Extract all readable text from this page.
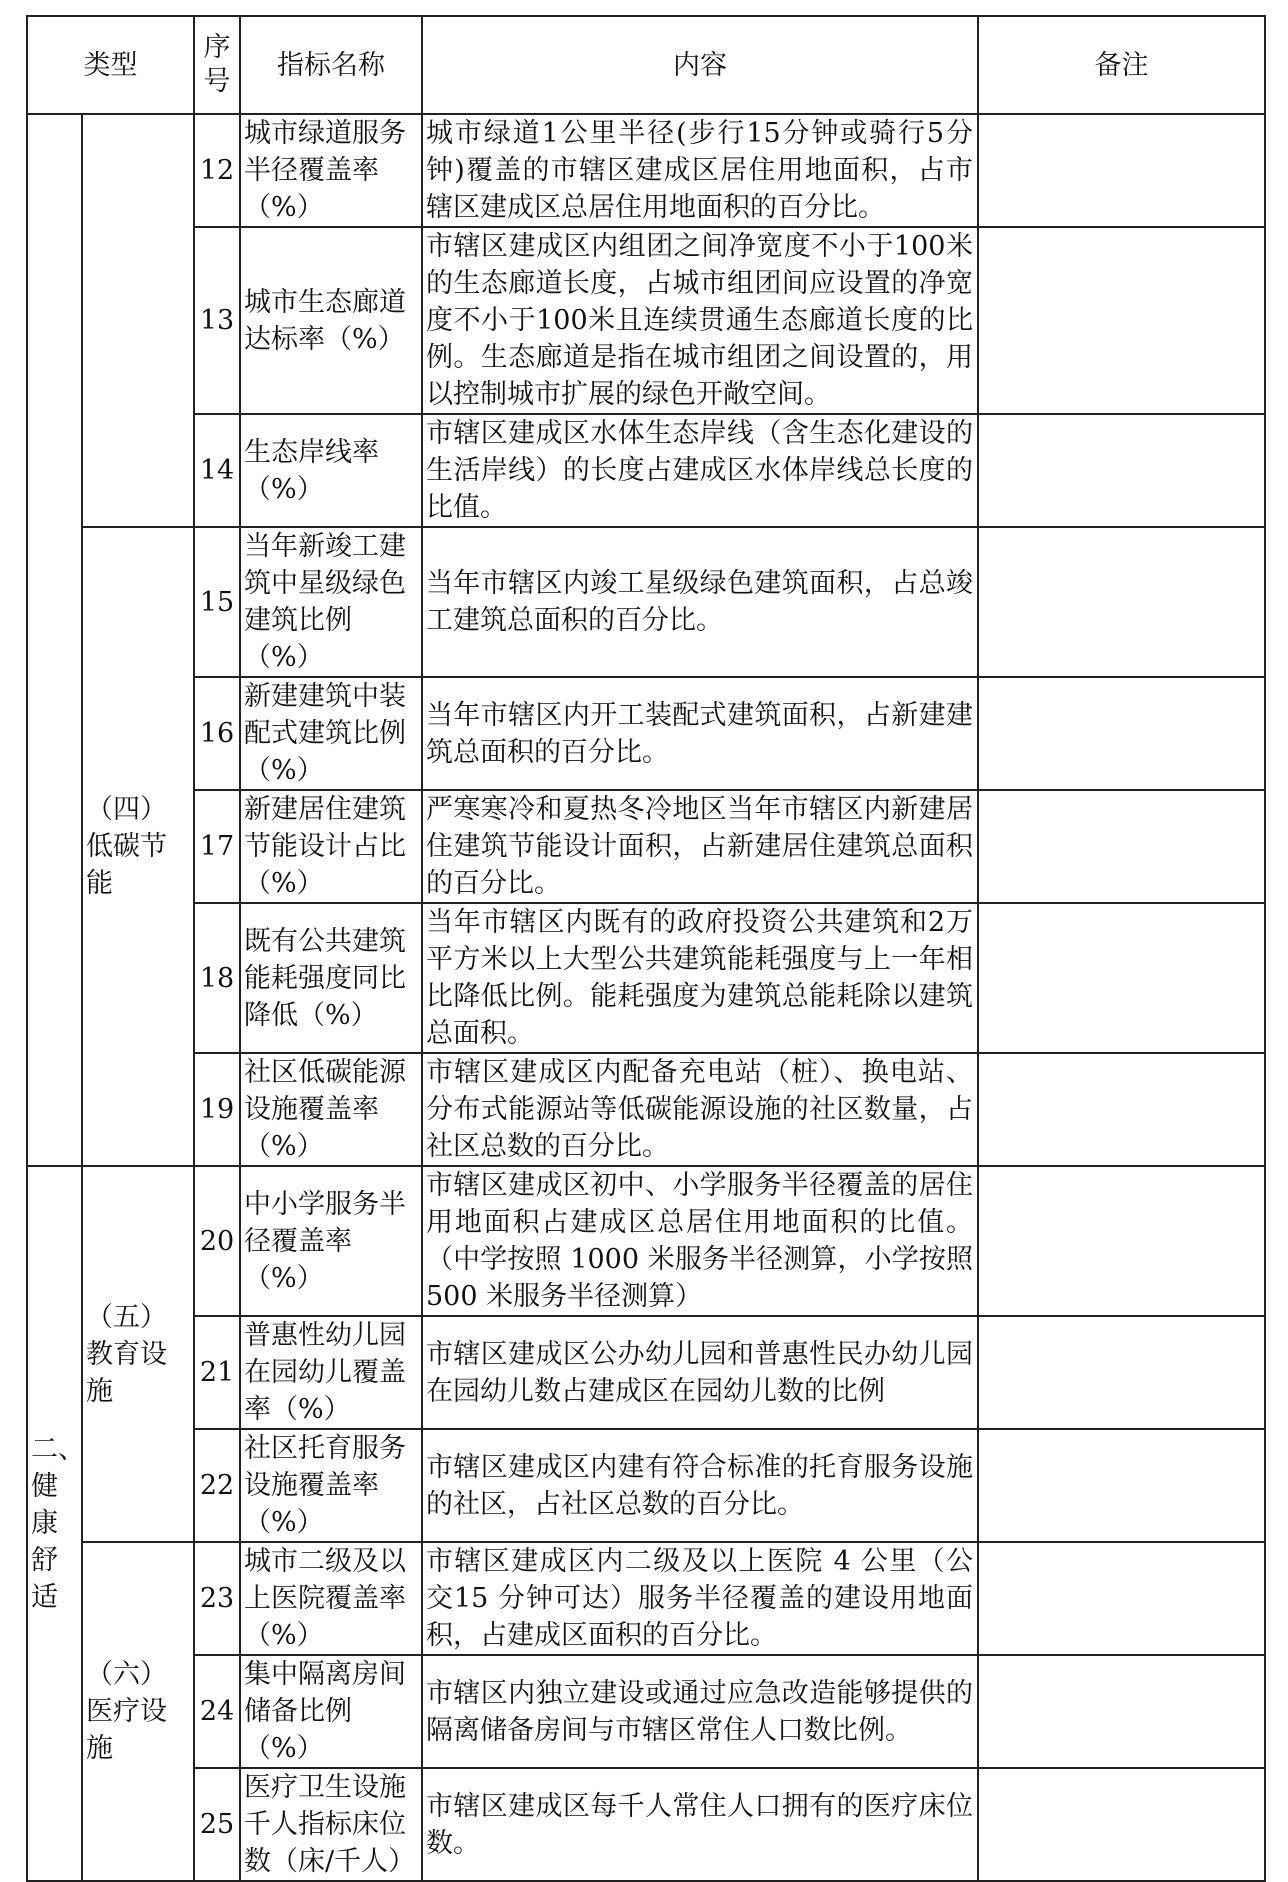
类型		序号	指标名称	内容	备注
		12	城市绿道服务半径覆盖率（%）	城市绿道1公里半径(步行15分钟或骑行5分钟)覆盖的市辖区建成区居住用地面积，占市辖区建成区总居住用地面积的百分比。	
		13	城市生态廊道达标率（%）	市辖区建成区内组团之间净宽度不小于100米的生态廊道长度，占城市组团间应设置的净宽度不小于100米且连续贯通生态廊道长度的比例。生态廊道是指在城市组团之间设置的，用以控制城市扩展的绿色开敞空间。	
		14	生态岸线率（%）	市辖区建成区水体生态岸线（含生态化建设的生活岸线）的长度占建成区水体岸线总长度的比值。	
	（四）低碳节能	15	当年新竣工建筑中星级绿色建筑比例（%）	当年市辖区内竣工星级绿色建筑面积，占总竣工建筑总面积的百分比。	
		16	新建建筑中装配式建筑比例（%）	当年市辖区内开工装配式建筑面积，占新建建筑总面积的百分比。	
		17	新建居住建筑节能设计占比（%）	严寒寒冷和夏热冬冷地区当年市辖区内新建居住建筑节能设计面积，占新建居住建筑总面积的百分比。	
		18	既有公共建筑能耗强度同比降低（%）	当年市辖区内既有的政府投资公共建筑和2万平方米以上大型公共建筑能耗强度与上一年相比降低比例。能耗强度为建筑总能耗除以建筑总面积。	
		19	社区低碳能源设施覆盖率（%）	市辖区建成区内配备充电站（桩）、换电站、分布式能源站等低碳能源设施的社区数量，占社区总数的百分比。	
二、健康舒适	（五）教育设施	20	中小学服务半径覆盖率（%）	市辖区建成区初中、小学服务半径覆盖的居住用地面积占建成区总居住用地面积的比值。（中学按照 1000 米服务半径测算，小学按照 500 米服务半径测算）	
		21	普惠性幼儿园在园幼儿覆盖率（%）	市辖区建成区公办幼儿园和普惠性民办幼儿园在园幼儿数占建成区在园幼儿数的比例	
		22	社区托育服务设施覆盖率（%）	市辖区建成区内建有符合标准的托育服务设施的社区，占社区总数的百分比。	
	（六）医疗设施	23	城市二级及以上医院覆盖率（%）	市辖区建成区内二级及以上医院 4 公里（公交15 分钟可达）服务半径覆盖的建设用地面积，占建成区面积的百分比。	
		24	集中隔离房间储备比例（%）	市辖区内独立建设或通过应急改造能够提供的隔离储备房间与市辖区常住人口数比例。	
		25	医疗卫生设施千人指标床位数（床/千人）	市辖区建成区每千人常住人口拥有的医疗床位数。	
